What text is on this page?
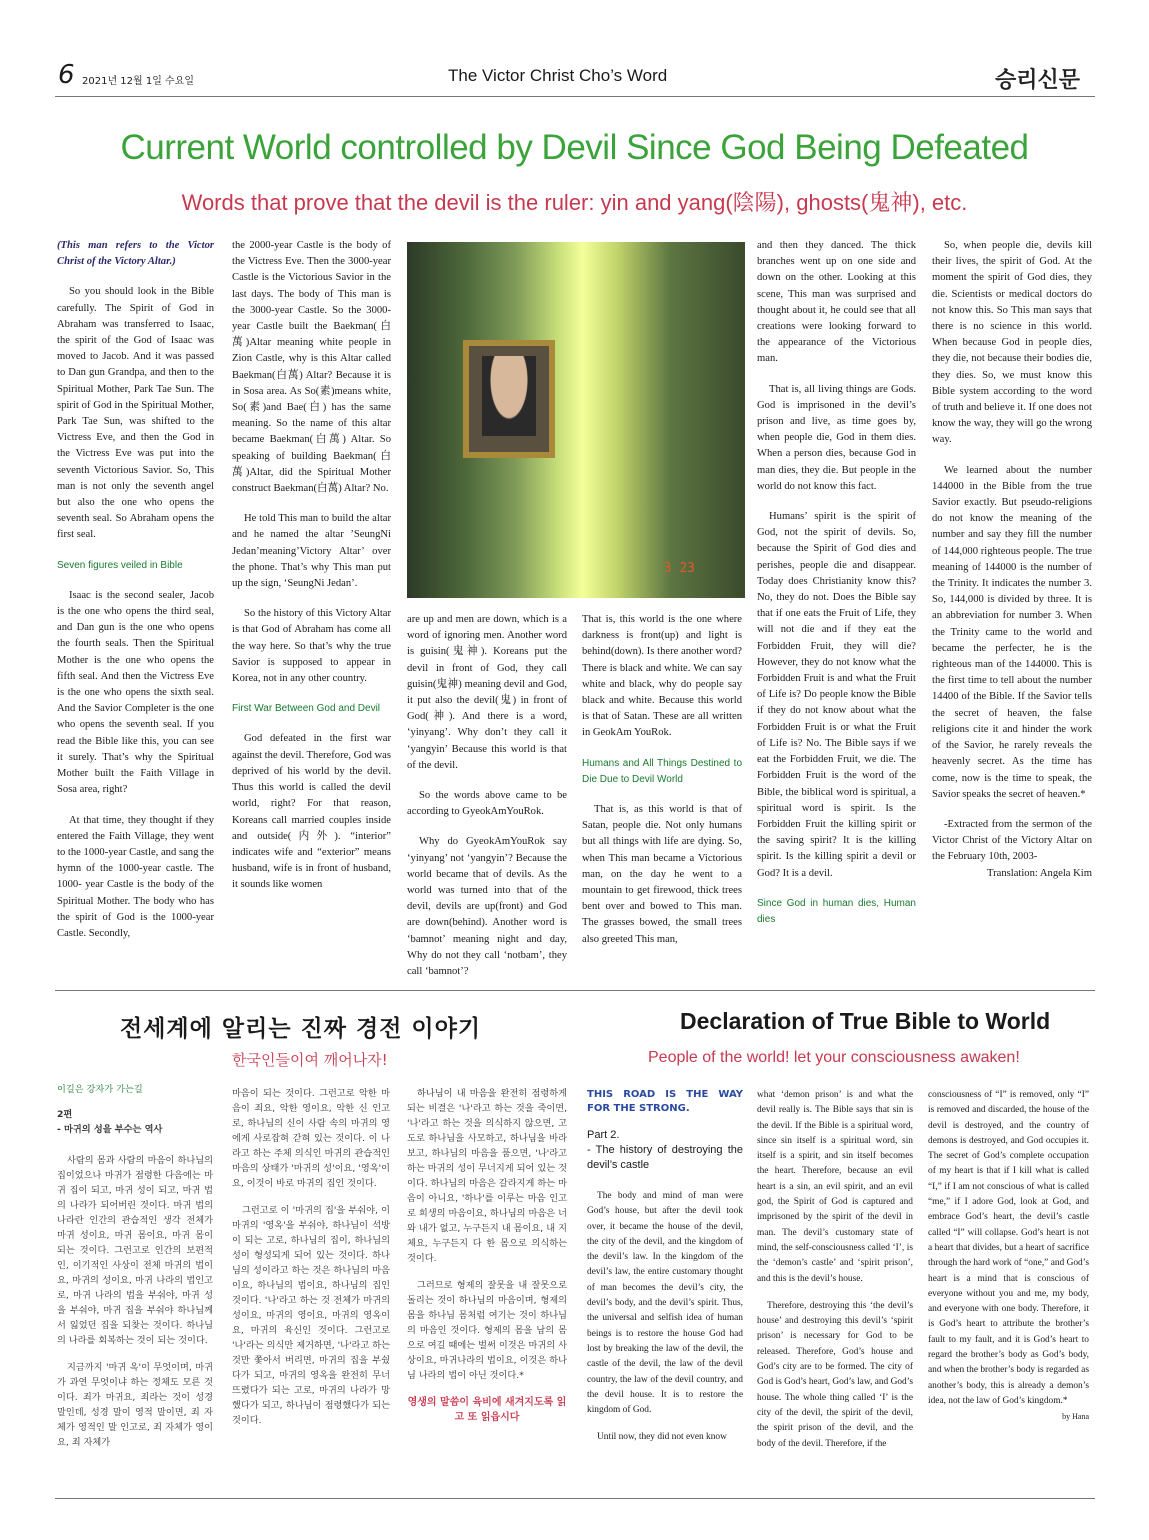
6 2021년 12월 1일 수요일	The Victor Christ Cho’s Word	승리신문
Current World controlled by Devil Since God Being Defeated
Words that prove that the devil is the ruler: yin and yang(陰陽), ghosts(鬼神), etc.

(This man refers to the Victor Christ of the Victory Altar.)

So you should look in the Bible carefully. The Spirit of God in Abraham was transferred to Isaac, the spirit of the God of Isaac was moved to Jacob. And it was passed to Dan gun Grandpa, and then to the Spiritual Mother, Park Tae Sun. The spirit of God in the Spiritual Mother, Park Tae Sun, was shifted to the Victress Eve, and then the God in the Victress Eve was put into the seventh Victorious Savior. So, This man is not only the seventh angel but also the one who opens the seventh seal. So Abraham opens the first seal.

Seven figures veiled in Bible

Isaac is the second sealer, Jacob is the one who opens the third seal, and Dan gun is the one who opens the fourth seals. Then the Spiritual Mother is the one who opens the fifth seal. And then the Victress Eve is the one who opens the sixth seal. And the Savior Completer is the one who opens the seventh seal. If you read the Bible like this, you can see it surely. That’s why the Spiritual Mother built the Faith Village in Sosa area, right?

At that time, they thought if they entered the Faith Village, they went to the 1000-year Castle, and sang the hymn of the 1000-year castle. The 1000- year Castle is the body of the Spiritual Mother. The body who has the spirit of God is the 1000-year Castle. Secondly,

the 2000-year Castle is the body of the Victress Eve. Then the 3000-year Castle is the Victorious Savior in the last days. The body of This man is the 3000-year Castle. So the 3000-year Castle built the Baekman(白萬)Altar meaning white people in Zion Castle, why is this Altar called Baekman(白萬) Altar? Because it is in Sosa area. As So(素)means white, So(素)and Bae(白) has the same meaning. So the name of this altar became Baekman(白萬) Altar. So speaking of building Baekman(白萬)Altar, did the Spiritual Mother construct Baekman(白萬) Altar? No.

He told This man to build the altar and he named the altar ’SeungNi Jedan’meaning’Victory Altar’ over the phone. That’s why This man put up the sign, ‘SeungNi Jedan’.

So the history of this Victory Altar is that God of Abraham has come all the way here. So that’s why the true Savior is supposed to appear in Korea, not in any other country.

First War Between God and Devil

God defeated in the first war against the devil. Therefore, God was deprived of his world by the devil. Thus this world is called the devil world, right? For that reason, Koreans call married couples inside and outside(内外). “interior” indicates wife and “exterior” means husband, wife is in front of husband, it sounds like women

3 23

are up and men are down, which is a word of ignoring men. Another word is guisin(鬼神). Koreans put the devil in front of God, they call guisin(鬼神) meaning devil and God, it put also the devil(鬼) in front of God(神). And there is a word, ‘yinyang’. Why don’t they call it ‘yangyin’ Because this world is that of the devil.

So the words above came to be according to GyeokAmYouRok.

Why do GyeokAmYouRok say ‘yinyang’ not ‘yangyin’? Because the world became that of devils. As the world was turned into that of the devil, devils are up(front) and God are down(behind). Another word is ‘bamnot’ meaning night and day, Why do not they call ‘notbam’, they call ‘bamnot’?

That is, this world is the one where darkness is front(up) and light is behind(down). Is there another word? There is black and white. We can say white and black, why do people say black and white. Because this world is that of Satan. These are all written in GeokAm YouRok.

Humans and All Things Destined to Die Due to Devil World

That is, as this world is that of Satan, people die. Not only humans but all things with life are dying. So, when This man became a Victorious man, on the day he went to a mountain to get firewood, thick trees bent over and bowed to This man. The grasses bowed, the small trees also greeted This man,

and then they danced. The thick branches went up on one side and down on the other. Looking at this scene, This man was surprised and thought about it, he could see that all creations were looking forward to the appearance of the Victorious man.

That is, all living things are Gods. God is imprisoned in the devil’s prison and live, as time goes by, when people die, God in them dies. When a person dies, because God in man dies, they die. But people in the world do not know this fact.

Humans’ spirit is the spirit of God, not the spirit of devils. So, because the Spirit of God dies and perishes, people die and disappear. Today does Christianity know this? No, they do not. Does the Bible say that if one eats the Fruit of Life, they will not die and if they eat the Forbidden Fruit, they will die? However, they do not know what the Forbidden Fruit is and what the Fruit of Life is? Do people know the Bible if they do not know about what the Forbidden Fruit is or what the Fruit of Life is? No. The Bible says if we eat the Forbidden Fruit, we die. The Forbidden Fruit is the word of the Bible, the biblical word is spiritual, a spiritual word is spirit. Is the Forbidden Fruit the killing spirit or the saving spirit? It is the killing spirit. Is the killing spirit a devil or God? It is a devil.

Since God in human dies, Human dies

So, when people die, devils kill their lives, the spirit of God. At the moment the spirit of God dies, they die. Scientists or medical doctors do not know this. So This man says that there is no science in this world. When because God in people dies, they die, not because their bodies die, they dies. So, we must know this Bible system according to the word of truth and believe it. If one does not know the way, they will go the wrong way.

We learned about the number 144000 in the Bible from the true Savior exactly. But pseudo-religions do not know the meaning of the number and say they fill the number of 144,000 righteous people. The true meaning of 144000 is the number of the Trinity. It indicates the number 3. So, 144,000 is divided by three. It is an abbreviation for number 3. When the Trinity came to the world and became the perfecter, he is the righteous man of the 144000. This is the first time to tell about the number 14400 of the Bible. If the Savior tells the secret of heaven, the false religions cite it and hinder the work of the Savior, he rarely reveals the heavenly secret. As the time has come, now is the time to speak, the Savior speaks the secret of heaven.*

-Extracted from the sermon of the Victor Christ of the Victory Altar on the February 10th, 2003-

Translation: Angela Kim

전세계에 알리는 진짜 경전 이야기	Declaration of True Bible to World
한국인들이여 깨어나자!	People of the world! let your consciousness awaken!

이길은 강자가 가는길

2편

- 마귀의 성을 부수는 역사

사람의 몸과 사람의 마음이 하나님의 집이었으나 마귀가 점령한 다음에는 마귀 집이 되고, 마귀 성이 되고, 마귀 법의 나라가 되어버린 것이다. 마귀 법의 나라란 인간의 관습적인 생각 전체가 마귀 성이요, 마귀 몸이요, 마귀 몸이 되는 것이다. 그런고로 인간의 보편적인, 이기적인 사상이 전체 마귀의 법이요, 마귀의 성이요, 마귀 나라의 법인고로, 마귀 나라의 법을 부숴야, 마귀 성을 부숴야, 마귀 집을 부숴야 하나님께서 잃었던 집을 되찾는 것이다. 하나님의 나라를 회복하는 것이 되는 것이다.

지금까지 '마귀 옥'이 무엇이며, 마귀가 과연 무엇이냐 하는 정체도 모른 것이다. 죄가 마귀요, 죄라는 것이 성경 말인데, 성경 말이 영적 말이면, 죄 자체가 영적인 말 인고로, 죄 자체가 영이요, 죄 자체가

마음이 되는 것이다. 그런고로 악한 마음이 죄요, 악한 영이요, 악한 신 인고로, 하나님의 신이 사람 속의 마귀의 영에게 사로잡혀 갇혀 있는 것이다. 이 나라고 하는 주체 의식인 마귀의 관습적인 마음의 상태가 '마귀의 성'이요, '영옥'이요, 이것이 바로 마귀의 집인 것이다.

그런고로 이 '마귀의 집'을 부숴야, 이 마귀의 '영옥'을 부숴야, 하나님이 석방이 되는 고로, 하나님의 집이, 하나님의 성이 형성되게 되어 있는 것이다. 하나님의 성이라고 하는 것은 하나님의 마음이요, 하나님의 법이요, 하나님의 집인 것이다. '나'라고 하는 것 전체가 마귀의 성이요, 마귀의 영이요, 마귀의 영옥이요, 마귀의 육신인 것이다. 그런고로 '나'라는 의식만 제거하면, '나'라고 하는 것만 쫓아서 버리면, 마귀의 집을 부쉈다가 되고, 마귀의 영옥을 완전히 무너뜨렸다가 되는 고로, 마귀의 나라가 망했다가 되고, 하나님이 점령했다가 되는 것이다.

하나님이 내 마음을 완전히 점령하게 되는 비결은 '나'라고 하는 것을 죽이면, '나'라고 하는 것을 의식하지 않으면, 고도로 하나님을 사모하고, 하나님을 바라보고, 하나님의 마음을 품으면, '나'라고 하는 마귀의 성이 무너지게 되어 있는 것이다. 하나님의 마음은 갈라지게 하는 마음이 아니요, '하나'를 이루는 마음 인고로 희생의 마음이요, 하나님의 마음은 너와 내가 없고, 누구든지 내 몸이요, 내 지체요, 누구든지 다 한 몸으로 의식하는 것이다.

그러므로 형제의 잘못을 내 잘못으로 돌리는 것이 하나님의 마음이며, 형제의 몸을 하나님 몸처럼 여기는 것이 하나님의 마음인 것이다. 형제의 몸을 남의 몸으로 여길 때에는 벌써 이것은 마귀의 사상이요, 마귀나라의 법이요, 이것은 하나님 나라의 법이 아닌 것이다.*

영생의 말씀이 육비에 새겨지도록 읽고 또 읽읍시다

THIS ROAD IS THE WAY FOR THE STRONG.

Part 2.

- The history of destroying the devil’s castle

The body and mind of man were God’s house, but after the devil took over, it became the house of the devil, the city of the devil, and the kingdom of the devil’s law. In the kingdom of the devil’s law, the entire customary thought of man becomes the devil’s city, the devil’s body, and the devil’s spirit. Thus, the universal and selfish idea of human beings is to restore the house God had lost by breaking the law of the devil, the castle of the devil, the law of the devil country, the law of the devil country, and the devil house. It is to restore the kingdom of God.

Until now, they did not even know

what ‘demon prison’ is and what the devil really is. The Bible says that sin is the devil. If the Bible is a spiritual word, since sin itself is a spiritual word, sin itself is a spirit, and sin itself becomes the heart. Therefore, because an evil heart is a sin, an evil spirit, and an evil god, the Spirit of God is captured and imprisoned by the spirit of the devil in man. The devil’s customary state of mind, the self-consciousness called ‘I’, is the ‘demon’s castle’ and ‘spirit prison’, and this is the devil’s house.

Therefore, destroying this ‘the devil’s house’ and destroying this devil’s ‘spirit prison’ is necessary for God to be released. Therefore, God’s house and God’s city are to be formed. The city of God is God’s heart, God’s law, and God’s house. The whole thing called ‘I’ is the city of the devil, the spirit of the devil, the spirit prison of the devil, and the body of the devil. Therefore, if the

consciousness of “I” is removed, only “I” is removed and discarded, the house of the devil is destroyed, and the country of demons is destroyed, and God occupies it. The secret of God’s complete occupation of my heart is that if I kill what is called “I,” if I am not conscious of what is called “me,” if I adore God, look at God, and embrace God’s heart, the devil’s castle called “I” will collapse. God’s heart is not a heart that divides, but a heart of sacrifice through the hard work of “one,” and God’s heart is a mind that is conscious of everyone without you and me, my body, and everyone with one body. Therefore, it is God’s heart to attribute the brother’s fault to my fault, and it is God’s heart to regard the brother’s body as God’s body, and when the brother’s body is regarded as another’s body, this is already a demon’s idea, not the law of God’s kingdom.*

by Hana
